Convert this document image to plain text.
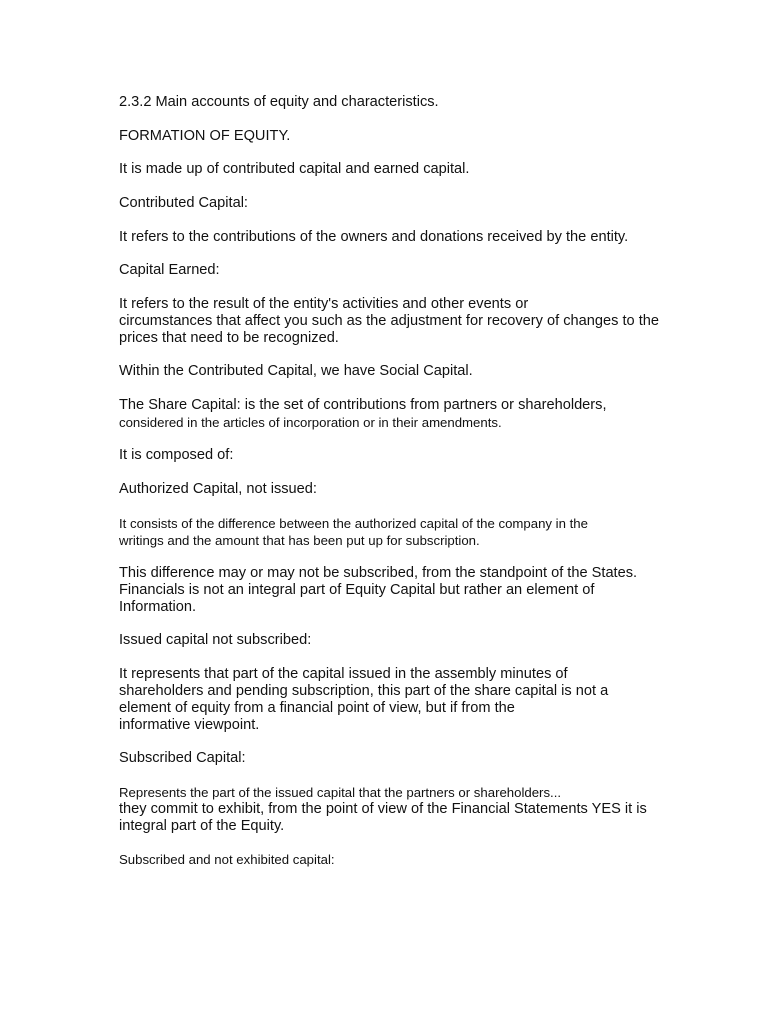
2.3.2 Main accounts of equity and characteristics.
FORMATION OF EQUITY.
It is made up of contributed capital and earned capital.
Contributed Capital:
It refers to the contributions of the owners and donations received by the entity.
Capital Earned:
It refers to the result of the entity's activities and other events or
circumstances that affect you such as the adjustment for recovery of changes to the
prices that need to be recognized.
Within the Contributed Capital, we have Social Capital.
The Share Capital: is the set of contributions from partners or shareholders,
considered in the articles of incorporation or in their amendments.
It is composed of:
Authorized Capital, not issued:
It consists of the difference between the authorized capital of the company in the
writings and the amount that has been put up for subscription.
This difference may or may not be subscribed, from the standpoint of the States.
Financials is not an integral part of Equity Capital but rather an element of
Information.
Issued capital not subscribed:
It represents that part of the capital issued in the assembly minutes of
shareholders and pending subscription, this part of the share capital is not a
element of equity from a financial point of view, but if from the
informative viewpoint.
Subscribed Capital:
Represents the part of the issued capital that the partners or shareholders...
they commit to exhibit, from the point of view of the Financial Statements YES it is
integral part of the Equity.
Subscribed and not exhibited capital:
